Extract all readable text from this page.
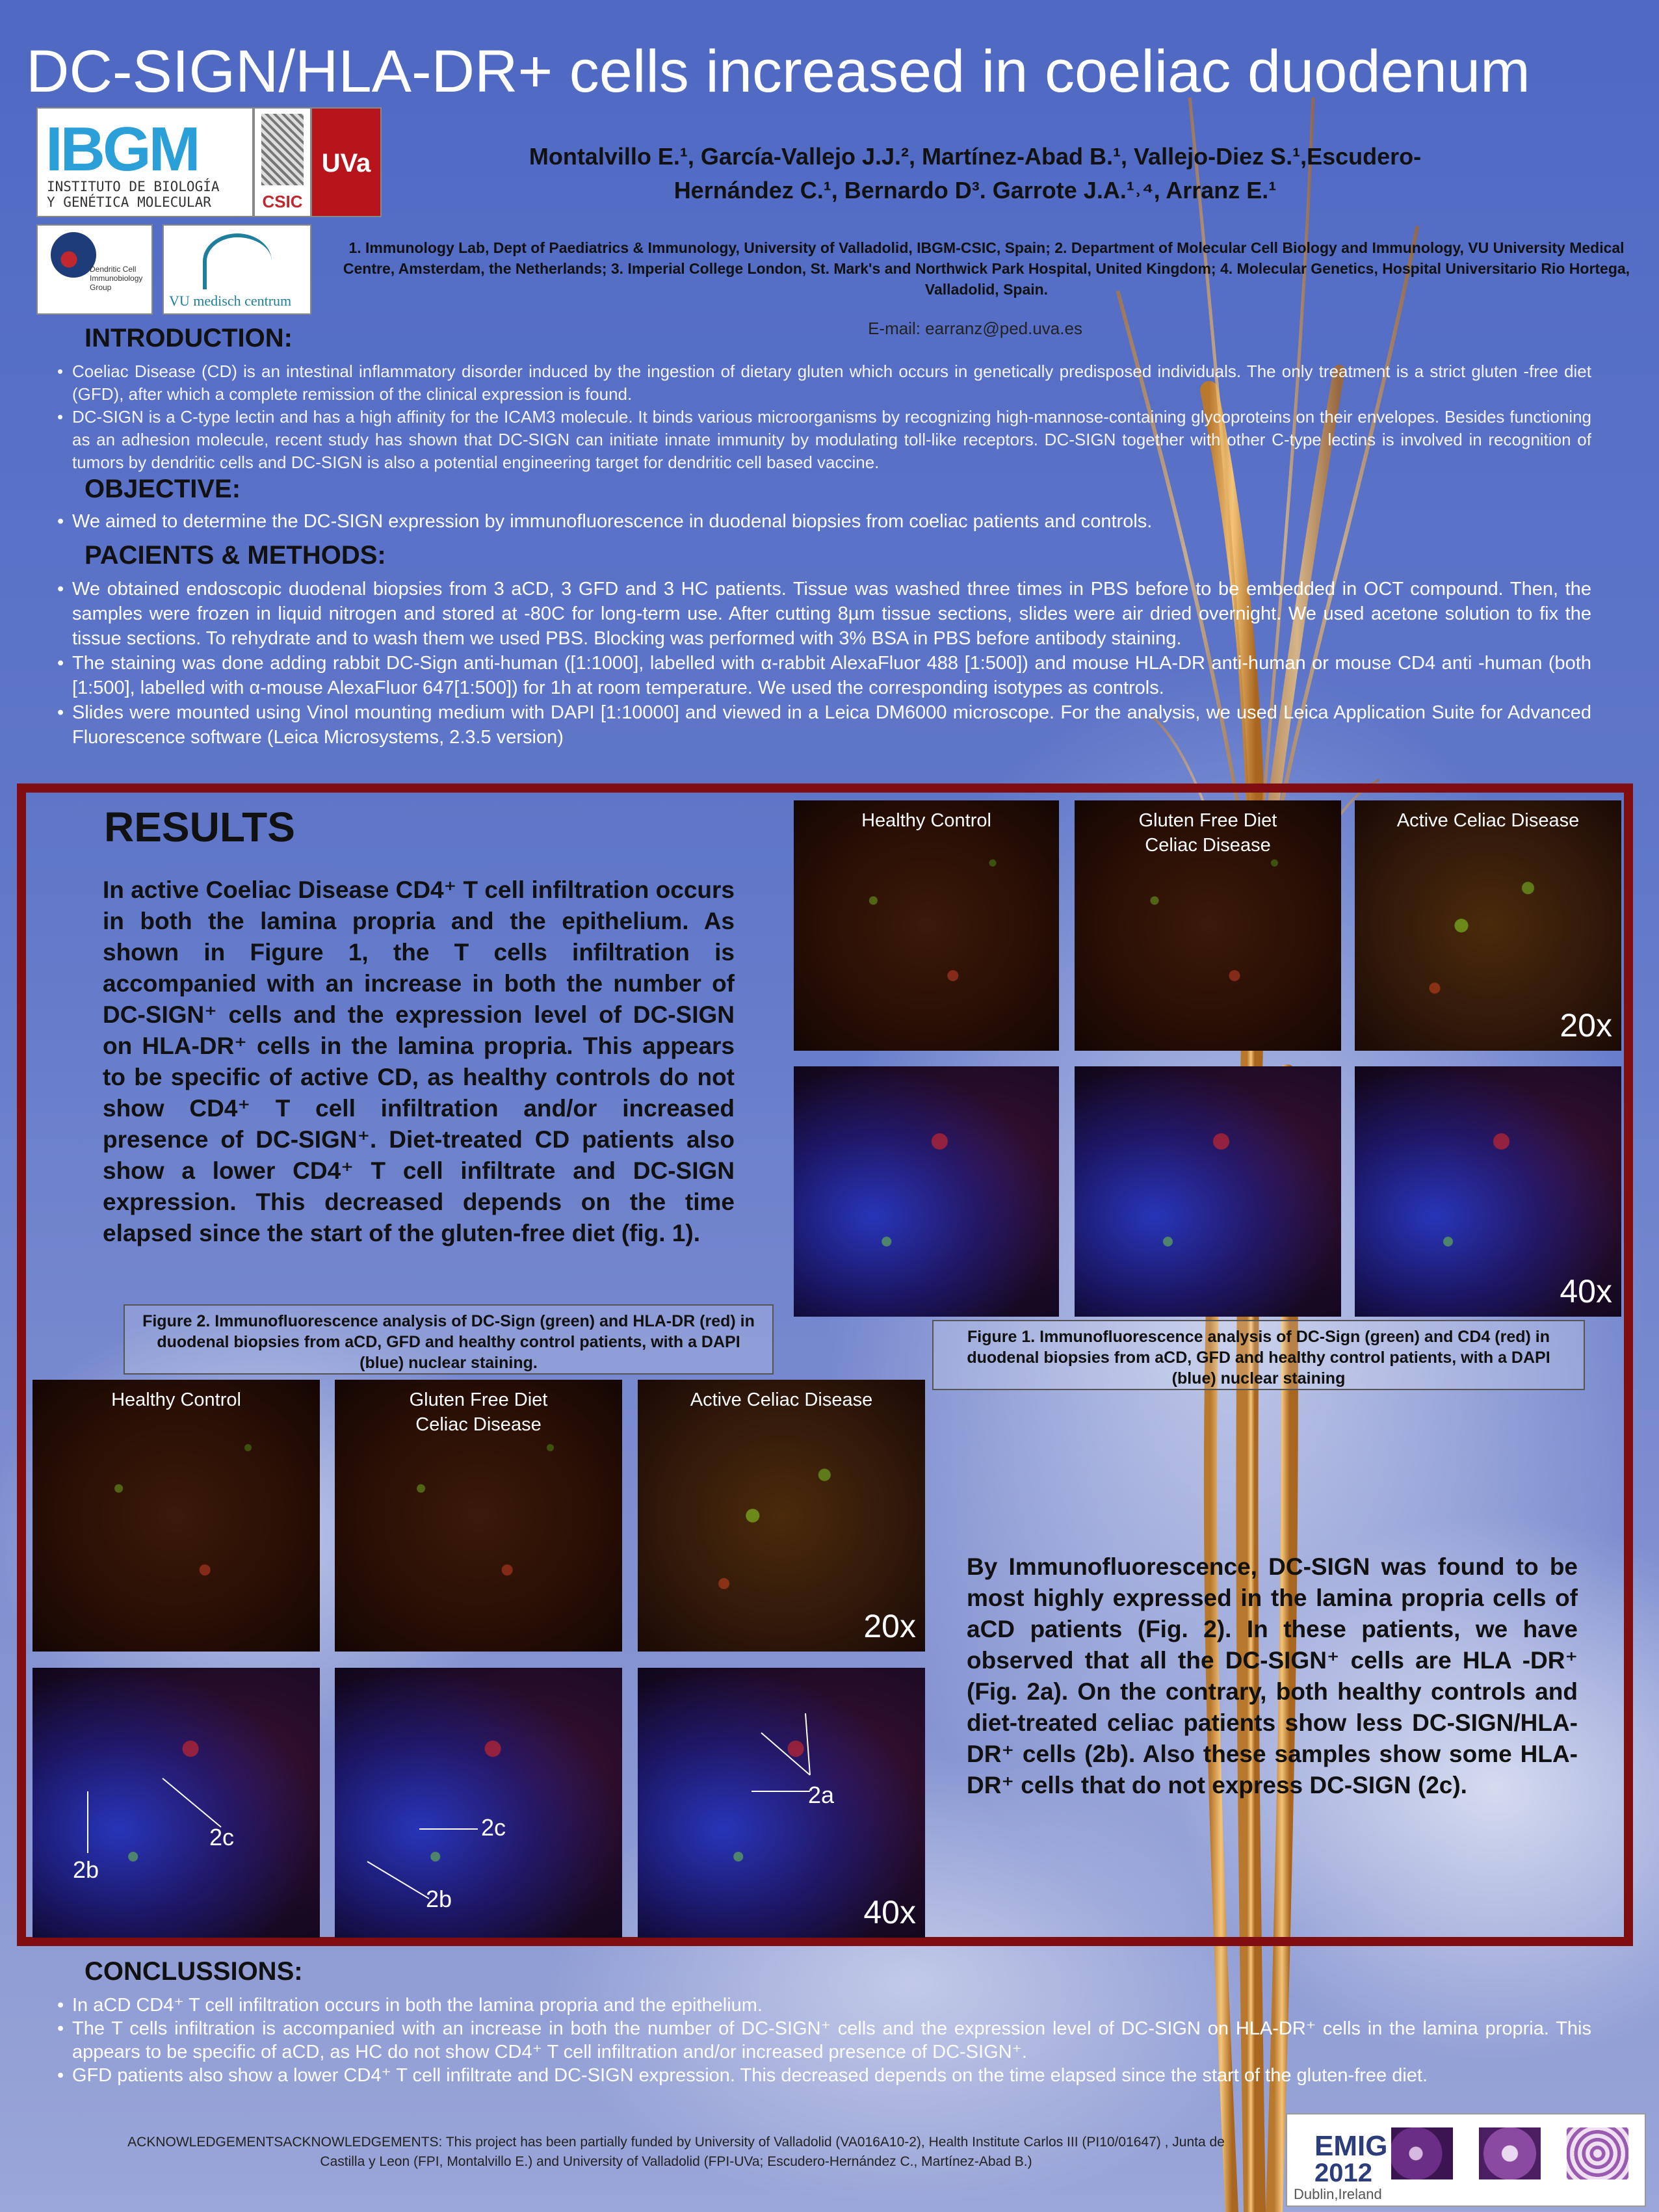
DC-SIGN/HLA-DR+ cells increased in coeliac duodenum
IBGM
INSTITUTO DE BIOLOGÍA
Y GENÉTICA MOLECULAR	CSIC
UVa
Dendritic Cell
Immunobiology
Group
VU medisch centrum
Montalvillo E.¹, García-Vallejo J.J.², Martínez-Abad B.¹, Vallejo-Diez S.¹,Escudero-
Hernández C.¹, Bernardo D³. Garrote J.A.¹˒⁴, Arranz E.¹
1. Immunology Lab, Dept of Paediatrics & Immunology, University of Valladolid, IBGM-CSIC, Spain; 2. Department of Molecular Cell Biology and Immunology, VU University Medical Centre, Amsterdam, the Netherlands; 3. Imperial College London, St. Mark's and Northwick Park Hospital, United Kingdom; 4. Molecular Genetics, Hospital Universitario Rio Hortega, Valladolid, Spain.
E-mail: earranz@ped.uva.es
INTRODUCTION:
• Coeliac Disease (CD) is an intestinal inflammatory disorder induced by the ingestion of dietary gluten which occurs in genetically predisposed individuals. The only treatment is a strict gluten -free diet (GFD), after which a complete remission of the clinical expression is found.
• DC-SIGN is a C-type lectin and has a high affinity for the ICAM3 molecule. It binds various microorganisms by recognizing high-mannose-containing glycoproteins on their envelopes. Besides functioning as an adhesion molecule, recent study has shown that DC-SIGN can initiate innate immunity by modulating toll-like receptors. DC-SIGN together with other C-type lectins is involved in recognition of tumors by dendritic cells and DC-SIGN is also a potential engineering target for dendritic cell based vaccine.
OBJECTIVE:
• We aimed to determine the DC-SIGN expression by immunofluorescence in duodenal biopsies from coeliac patients and controls.
PACIENTS & METHODS:
• We obtained endoscopic duodenal biopsies from 3 aCD, 3 GFD and 3 HC patients. Tissue was washed three times in PBS before to be embedded in OCT compound. Then, the samples were frozen in liquid nitrogen and stored at -80C for long-term use. After cutting 8µm tissue sections, slides were air dried overnight. We used acetone solution to fix the tissue sections. To rehydrate and to wash them we used PBS. Blocking was performed with 3% BSA in PBS before antibody staining.
• The staining was done adding rabbit DC-Sign anti-human ([1:1000], labelled with α-rabbit AlexaFluor 488 [1:500]) and mouse HLA-DR anti-human or mouse CD4 anti -human (both [1:500], labelled with α-mouse AlexaFluor 647[1:500]) for 1h at room temperature. We used the corresponding isotypes as controls.
• Slides were mounted using Vinol mounting medium with DAPI [1:10000] and viewed in a Leica DM6000 microscope. For the analysis, we used Leica Application Suite for Advanced Fluorescence software (Leica Microsystems, 2.3.5 version)
RESULTS
In active Coeliac Disease CD4⁺ T cell infiltration occurs in both the lamina propria and the epithelium. As shown in Figure 1, the T cells infiltration is accompanied with an increase in both the number of DC-SIGN⁺ cells and the expression level of DC-SIGN on HLA-DR⁺ cells in the lamina propria. This appears to be specific of active CD, as healthy controls do not show CD4⁺ T cell infiltration and/or increased presence of DC-SIGN⁺. Diet-treated CD patients also show a lower CD4⁺ T cell infiltrate and DC-SIGN expression. This decreased depends on the time elapsed since the start of the gluten-free diet (fig. 1).
Healthy Control	Gluten Free Diet
Celiac Disease
Active Celiac Disease
20x
40x
Figure 1. Immunofluorescence analysis of DC-Sign (green) and CD4 (red) in duodenal biopsies from aCD, GFD and healthy control patients, with a DAPI (blue) nuclear staining
Figure 2. Immunofluorescence analysis of DC-Sign (green) and HLA-DR (red) in duodenal biopsies from aCD, GFD and healthy control patients, with a DAPI (blue) nuclear staining.
Healthy Control	Gluten Free Diet
Celiac Disease
Active Celiac Disease
20x
2b
2c	2c
2b
2a
40x
By Immunofluorescence, DC-SIGN was found to be most highly expressed in the lamina propria cells of aCD patients (Fig. 2). In these patients, we have observed that all the DC-SIGN⁺ cells are HLA -DR⁺ (Fig. 2a). On the contrary, both healthy controls and diet-treated celiac patients show less DC-SIGN/HLA-DR⁺ cells (2b). Also these samples show some HLA-DR⁺ cells that do not express DC-SIGN (2c).
CONCLUSSIONS:
• In aCD CD4⁺ T cell infiltration occurs in both the lamina propria and the epithelium.
• The T cells infiltration is accompanied with an increase in both the number of DC-SIGN⁺ cells and the expression level of DC-SIGN on HLA-DR⁺ cells in the lamina propria. This appears to be specific of aCD, as HC do not show CD4⁺ T cell infiltration and/or increased presence of DC-SIGN⁺.
• GFD patients also show a lower CD4⁺ T cell infiltrate and DC-SIGN expression. This decreased depends on the time elapsed since the start of the gluten-free diet.
ACKNOWLEDGEMENTSACKNOWLEDGEMENTS: This project has been partially funded by University of Valladolid (VA016A10-2), Health Institute Carlos III (PI10/01647) , Junta de Castilla y Leon (FPI, Montalvillo E.) and University of Valladolid (FPI-UVa; Escudero-Hernández C., Martínez-Abad B.)	EMIG
2012
Dublin,Ireland
